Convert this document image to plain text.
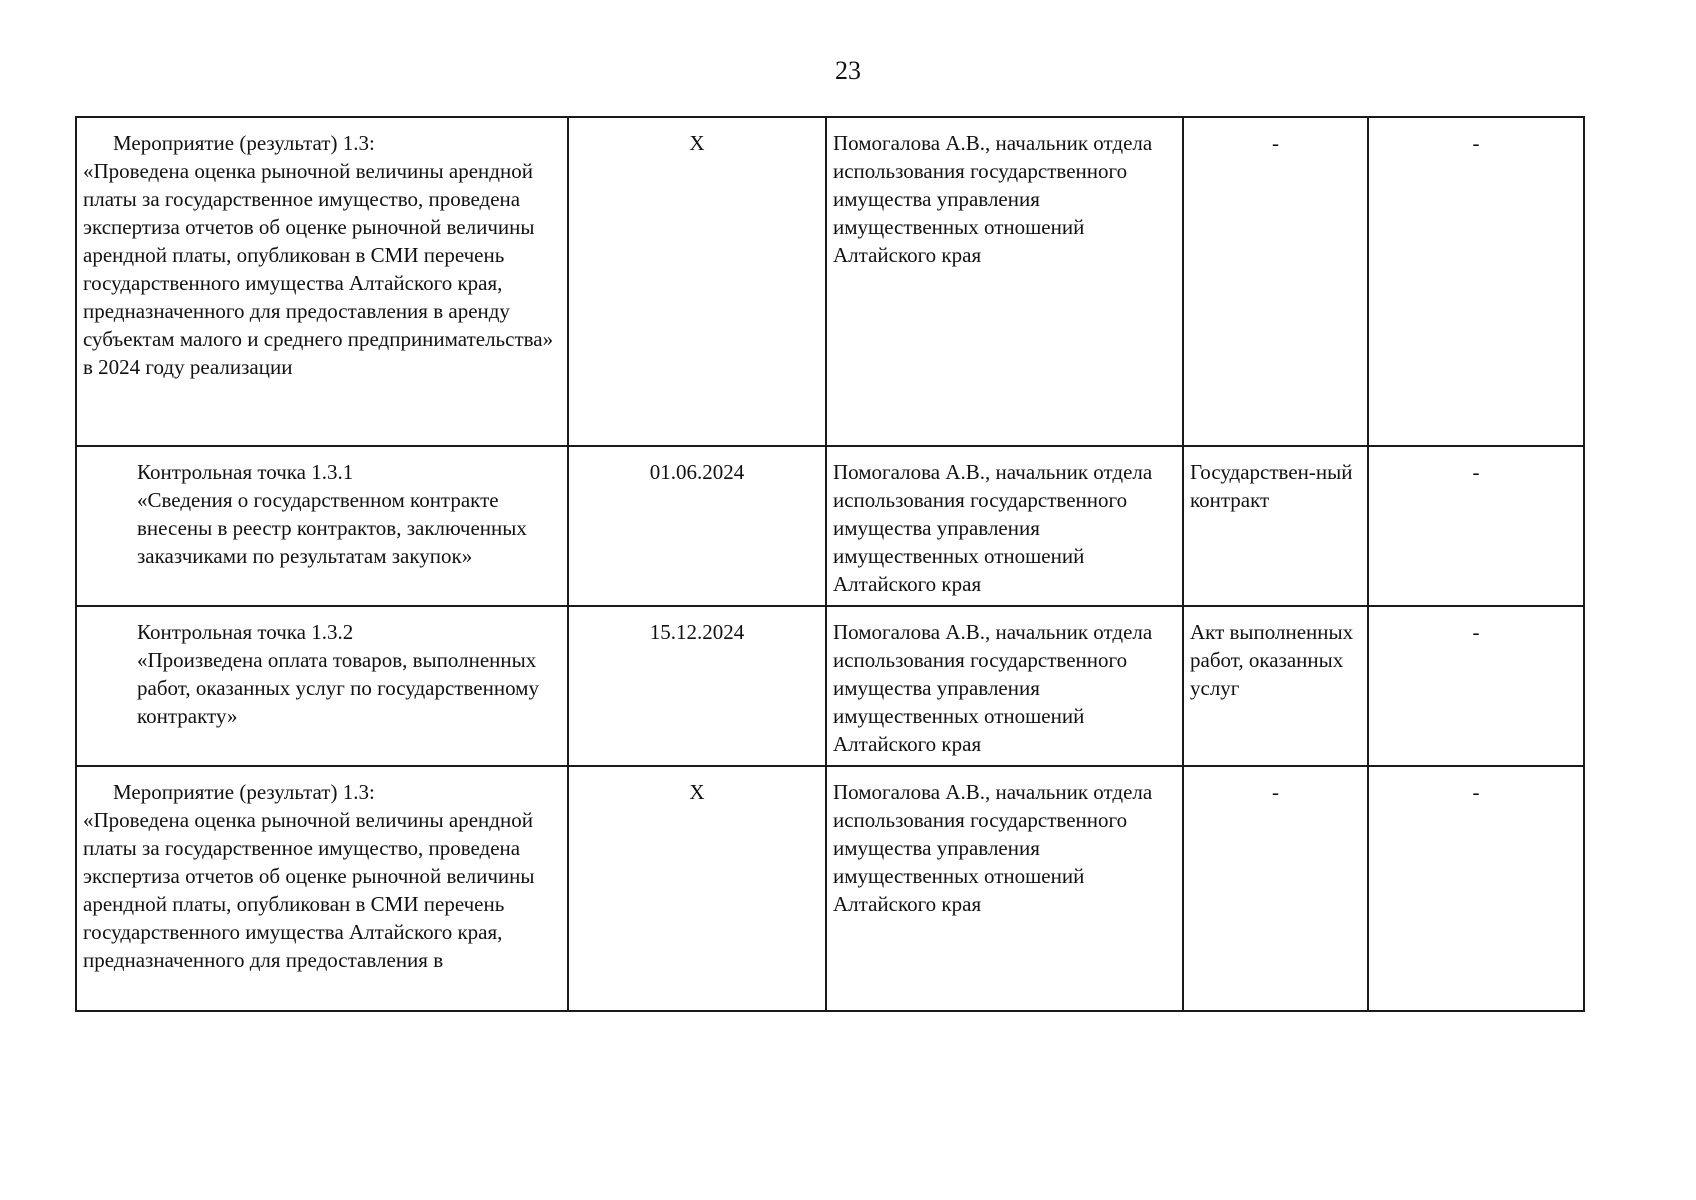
23
Мероприятие (результат) 1.3:
«Проведена оценка рыночной величины арендной платы за государственное имущество, проведена экспертиза отчетов об оценке рыночной величины арендной платы, опубликован в СМИ перечень государственного имущества Алтайского края, предназначенного для предоставления в аренду субъектам малого и среднего предпринимательства» в 2024 году реализации	Х	Помогалова А.В., начальник отдела использования государственного имущества управления имущественных отношений Алтайского края	-	-
Контрольная точка 1.3.1
«Сведения о государственном контракте внесены в реестр контрактов, заключенных заказчиками по результатам закупок»	01.06.2024	Помогалова А.В., начальник отдела использования государственного имущества управления имущественных отношений Алтайского края	Государствен-ный контракт	-
Контрольная точка 1.3.2
«Произведена оплата товаров, выполненных работ, оказанных услуг по государственному контракту»	15.12.2024	Помогалова А.В., начальник отдела использования государственного имущества управления имущественных отношений Алтайского края	Акт выполненных работ, оказанных услуг	-
Мероприятие (результат) 1.3:
«Проведена оценка рыночной величины арендной платы за государственное имущество, проведена экспертиза отчетов об оценке рыночной величины арендной платы, опубликован в СМИ перечень государственного имущества Алтайского края, предназначенного для предоставления в	Х	Помогалова А.В., начальник отдела использования государственного имущества управления имущественных отношений Алтайского края	-	-
